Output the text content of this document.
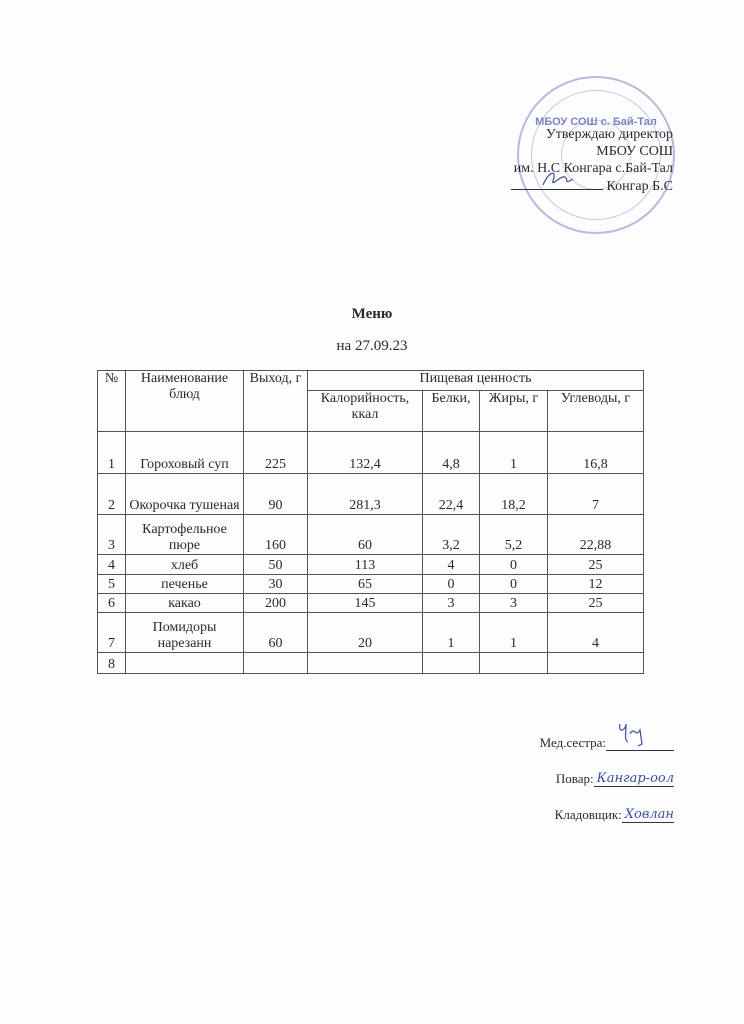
МБОУ СОШ с. Бай-Тал
Утверждаю директор
МБОУ СОШ
им. Н.С Конгара с.Бай-Тал
Конгар Б.С
Меню
на 27.09.23
№	Наименование блюд	Выход, г	Пищевая ценность			
			Калорийность, ккал	Белки,	Жиры, г	Углеводы, г
1	Гороховый суп	225	132,4	4,8	1	16,8
2	Окорочка тушеная	90	281,3	22,4	18,2	7
3	Картофельное пюре	160	60	3,2	5,2	22,88
4	хлеб	50	113	4	0	25
5	печенье	30	65	0	0	12
6	какао	200	145	3	3	25
7	Помидоры нарезанн	60	20	1	1	4
8						
Мед.сестра:
Повар: Кангар-оол
Кладовщик: Ховлан
